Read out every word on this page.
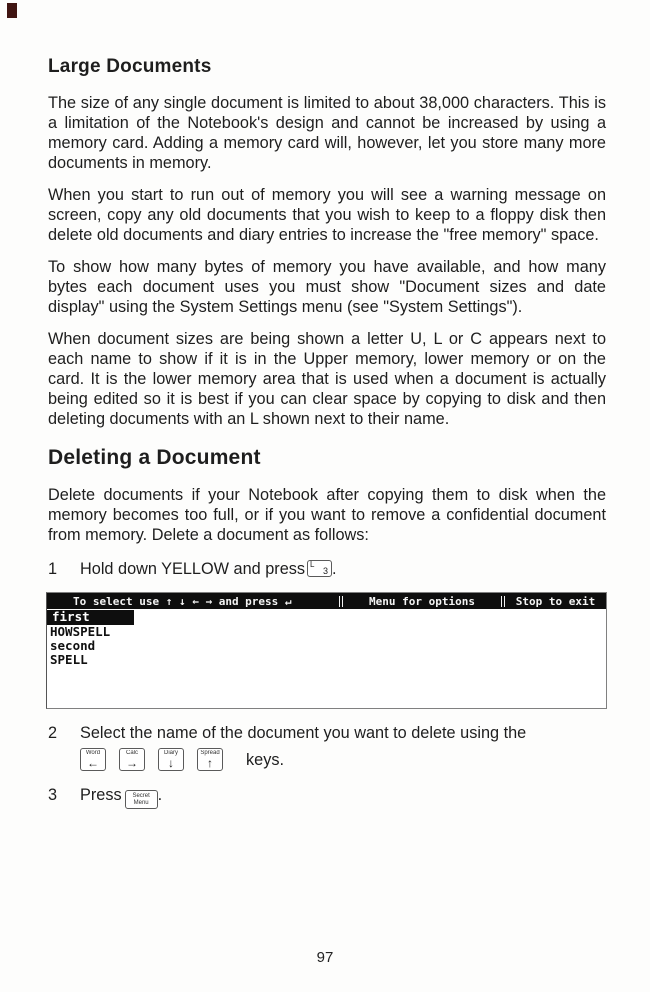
Large Documents

The size of any single document is limited to about 38,000 characters. This is a limitation of the Notebook's design and cannot be increased by using a memory card. Adding a memory card will, however, let you store many more documents in memory.

When you start to run out of memory you will see a warning message on screen, copy any old documents that you wish to keep to a floppy disk then delete old documents and diary entries to increase the "free memory" space.

To show how many bytes of memory you have available, and how many bytes each document uses you must show "Document sizes and date display" using the System Settings menu (see "System Settings").

When document sizes are being shown a letter U, L or C appears next to each name to show if it is in the Upper memory, lower memory or on the card. It is the lower memory area that is used when a document is actually being edited so it is best if you can clear space by copying to disk and then deleting documents with an L shown next to their name.

Deleting a Document

Delete documents if your Notebook after copying them to disk when the memory becomes too full, or if you want to remove a confidential document from memory. Delete a document as follows:

1	Hold down YELLOW and press L
3 .
To select use ↑ ↓ ← → and press ↵	Menu for options	Stop to exit
first
HOWSPELL
second
SPELL
2	Select the name of the document you want to delete using the
Word
←
Calc
→
Diary
↓
Spread
↑	keys.
3	Press	Secret
Menu .
97
